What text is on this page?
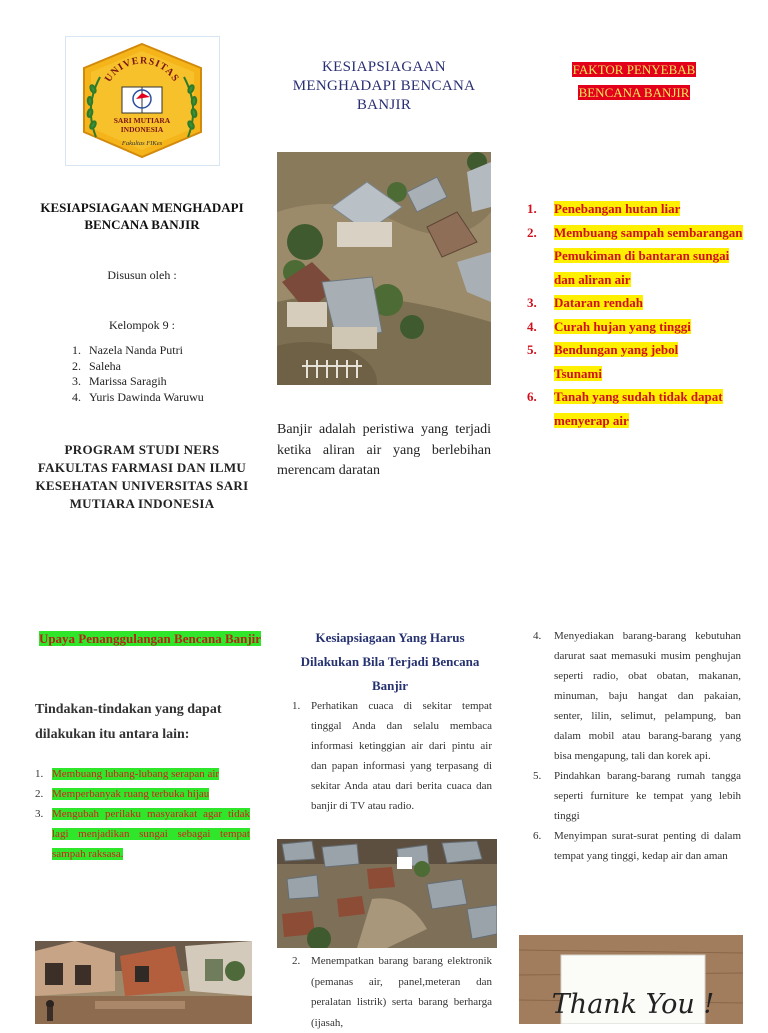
UNIVERSITAS
SARI MUTIARA
INDONESIA
Fakultas FIKes
KESIAPSIAGAAN MENGHADAPI BENCANA BANJIR
Disusun oleh :
Kelompok 9 :
1. Nazela Nanda Putri
2. Saleha
3. Marissa Saragih
4. Yuris Dawinda Waruwu
PROGRAM STUDI NERS FAKULTAS FARMASI DAN ILMU KESEHATAN UNIVERSITAS SARI MUTIARA INDONESIA
KESIAPSIAGAAN MENGHADAPI BENCANA BANJIR
Banjir adalah peristiwa yang terjadi ketika aliran air yang berlebihan merencam daratan
FAKTOR PENYEBAB
BENCANA BANJIR
1.	Penebangan hutan liar
2.	Membuang sampah sembarangan
Pemukiman di bantaran sungai dan aliran air
3.	Dataran rendah
4.	Curah hujan yang tinggi
5.	Bendungan yang jebol
Tsunami
6.	Tanah yang sudah tidak dapat menyerap air
Upaya Penanggulangan Bencana Banjir
Tindakan-tindakan yang dapat dilakukan itu antara lain:
1. Membuang lubang-lubang serapan air
2. Memperbanyak ruang terbuka hijau
3. Mengubah perilaku masyarakat agar tidak lagi menjadikan sungai sebagai tempat sampah raksasa.
Kesiapsiagaan Yang Harus Dilakukan Bila Terjadi Bencana Banjir
1. Perhatikan cuaca di sekitar tempat tinggal Anda dan selalu membaca informasi ketinggian air dari pintu air dan papan informasi yang terpasang di sekitar Anda atau dari berita cuaca dan banjir di TV atau radio.
2. Menempatkan barang barang elektronik (pemanas air, panel,meteran dan peralatan listrik) serta barang berharga (ijasah,
4.	Menyediakan barang-barang kebutuhan darurat saat memasuki musim penghujan seperti radio, obat obatan, makanan, minuman, baju hangat dan pakaian, senter, lilin, selimut, pelampung, ban dalam mobil atau barang-barang yang bisa mengapung, tali dan korek api.
5.	Pindahkan barang-barang rumah tangga seperti furniture ke tempat yang lebih tinggi
6.	Menyimpan surat-surat penting di dalam tempat yang tinggi, kedap air dan aman
Thank You !
